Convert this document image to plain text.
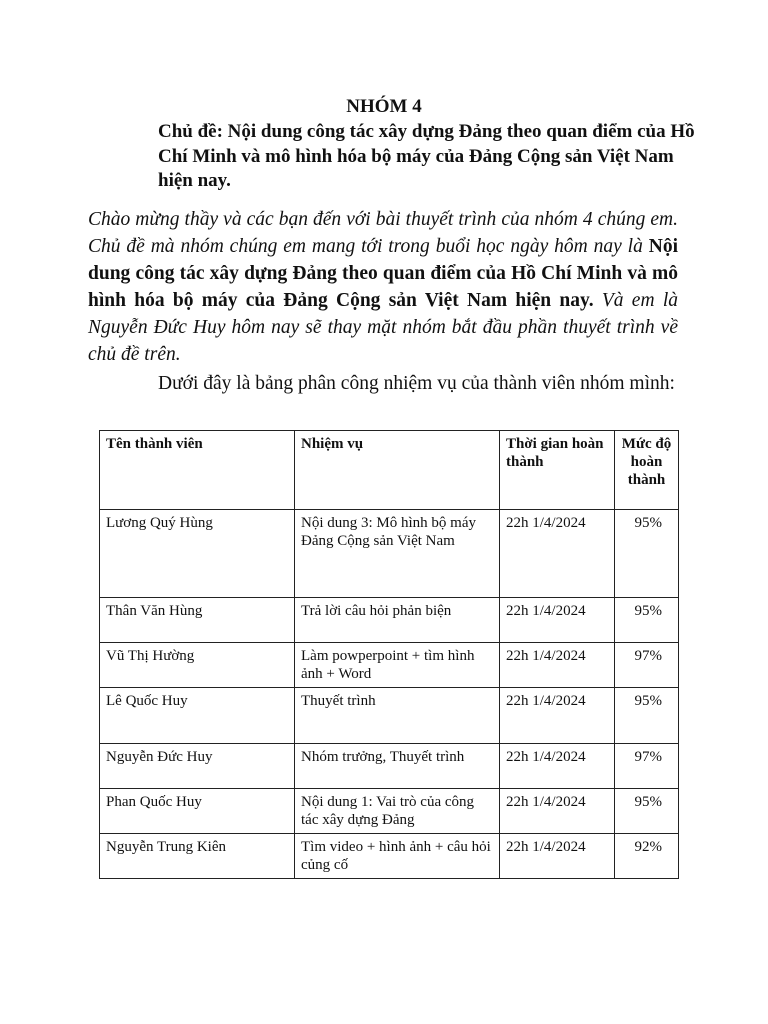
NHÓM 4
Chủ đề: Nội dung công tác xây dựng Đảng theo quan điểm của Hồ Chí Minh và mô hình hóa bộ máy của Đảng Cộng sản Việt Nam hiện nay.
Chào mừng thầy và các bạn đến với bài thuyết trình của nhóm 4 chúng em. Chủ đề mà nhóm chúng em mang tới trong buổi học ngày hôm nay là Nội dung công tác xây dựng Đảng theo quan điểm của Hồ Chí Minh và mô hình hóa bộ máy của Đảng Cộng sản Việt Nam hiện nay. Và em là Nguyễn Đức Huy hôm nay sẽ thay mặt nhóm bắt đầu phần thuyết trình về chủ đề trên.
Dưới đây là bảng phân công nhiệm vụ của thành viên nhóm mình:
Tên thành viên	Nhiệm vụ	Thời gian hoàn thành	Mức độ hoàn thành
Lương Quý Hùng	Nội dung 3: Mô hình bộ máy Đảng Cộng sản Việt Nam	22h 1/4/2024	95%
Thân Văn Hùng	Trả lời câu hỏi phản biện	22h 1/4/2024	95%
Vũ Thị Hường	Làm powperpoint + tìm hình ảnh + Word	22h 1/4/2024	97%
Lê Quốc Huy	Thuyết trình	22h 1/4/2024	95%
Nguyễn Đức Huy	Nhóm trưởng, Thuyết trình	22h 1/4/2024	97%
Phan Quốc Huy	Nội dung 1: Vai trò của công tác xây dựng Đảng	22h 1/4/2024	95%
Nguyễn Trung Kiên	Tìm video + hình ảnh + câu hỏi củng cố	22h 1/4/2024	92%
